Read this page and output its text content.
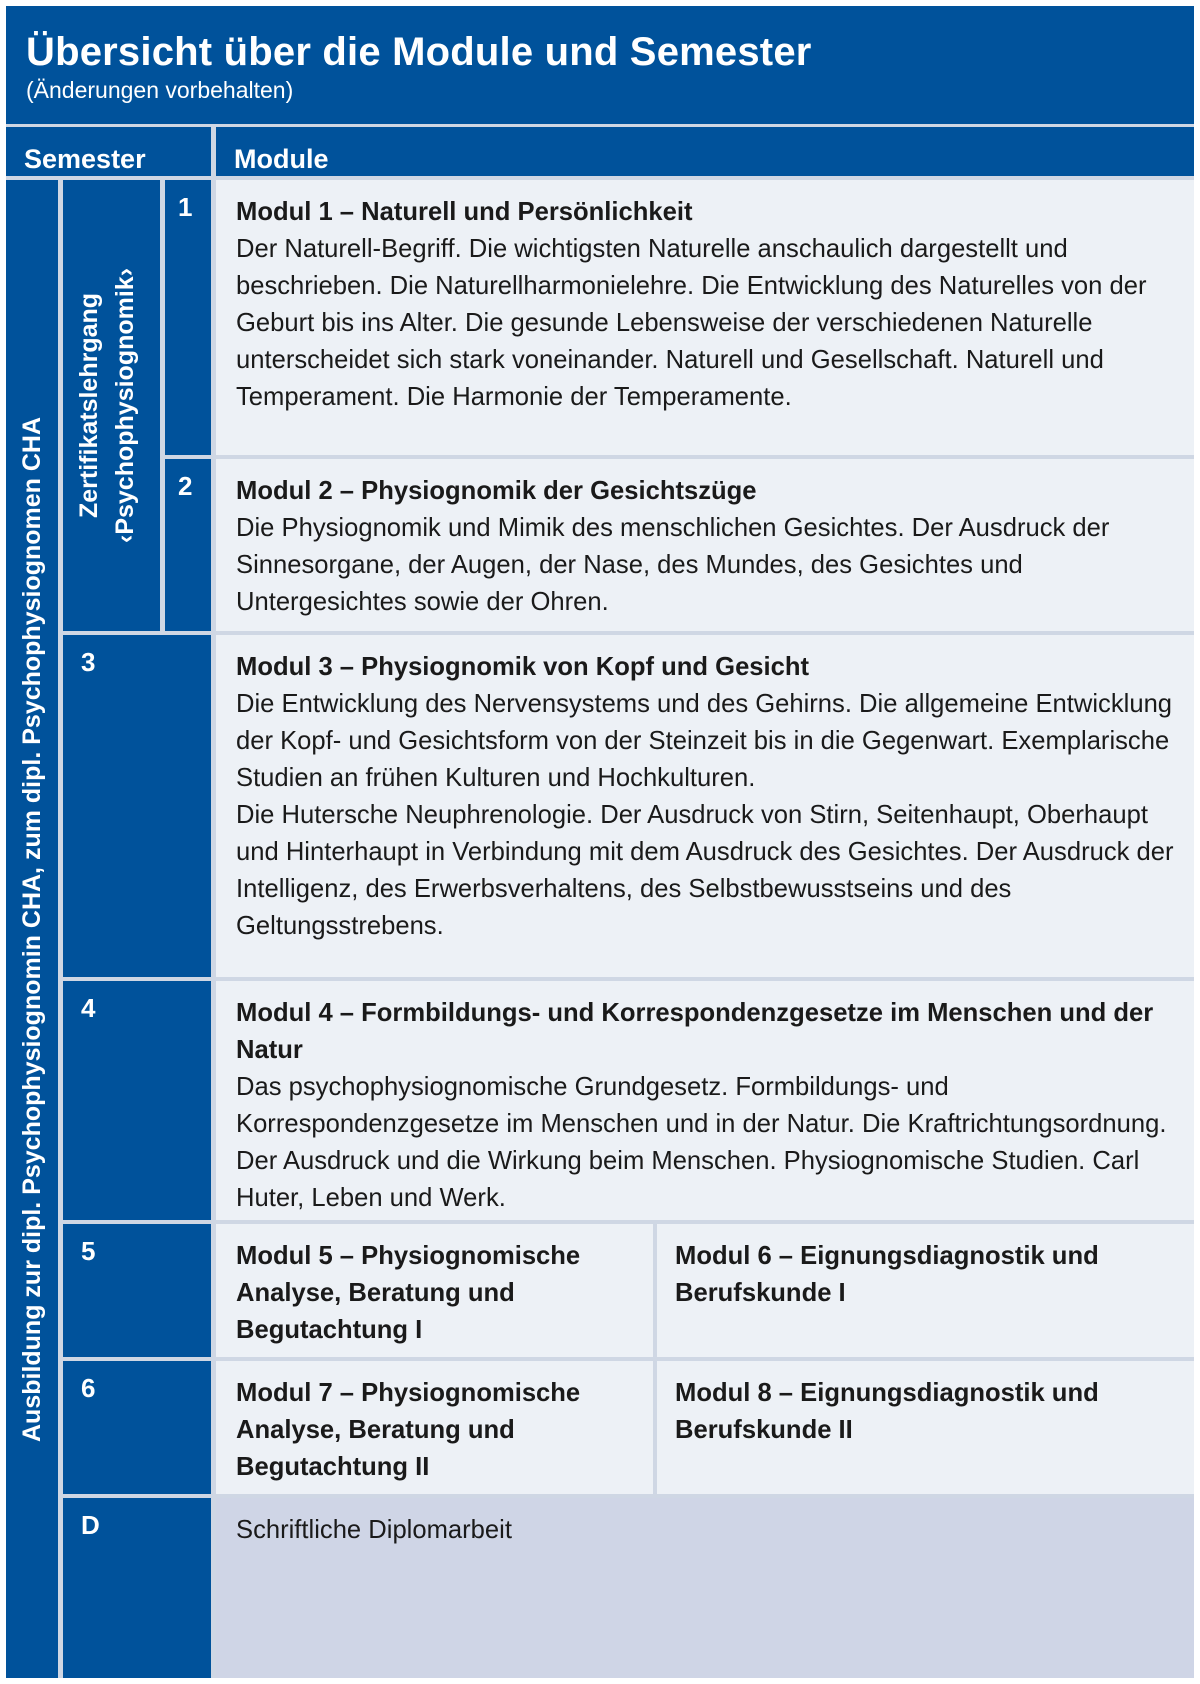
Übersicht über die Module und Semester
(Änderungen vorbehalten)
Semester	Module
Ausbildung zur dipl. Psychophysiognomin CHA, zum dipl. Psychophysiognomen CHA
Zertifikatslehrgang ‹Psychophysiognomik›
1
2
3
4
5
6
D
Modul 1 – Naturell und Persönlichkeit

Der Naturell-Begriff. Die wichtigsten Naturelle anschaulich dargestellt und beschrieben. Die Naturellharmonielehre. Die Entwicklung des Naturelles von der Geburt bis ins Alter. Die gesunde Lebensweise der verschiedenen Naturelle unterscheidet sich stark voneinander. Naturell und Gesellschaft. Naturell und Temperament. Die Harmonie der Temperamente.

Modul 2 – Physiognomik der Gesichtszüge

Die Physiognomik und Mimik des menschlichen Gesichtes. Der Ausdruck der Sinnesorgane, der Augen, der Nase, des Mundes, des Gesichtes und Untergesichtes sowie der Ohren.

Modul 3 – Physiognomik von Kopf und Gesicht

Die Entwicklung des Nervensystems und des Gehirns. Die allgemeine Entwicklung der Kopf- und Gesichtsform von der Steinzeit bis in die Gegenwart. Exemplarische Studien an frühen Kulturen und Hochkulturen.

Die Hutersche Neuphrenologie. Der Ausdruck von Stirn, Seitenhaupt, Oberhaupt und Hinterhaupt in Verbindung mit dem Ausdruck des Gesichtes. Der Ausdruck der Intelligenz, des Erwerbsverhaltens, des Selbstbewusstseins und des Geltungsstrebens.

Modul 4 – Formbildungs- und Korrespondenzgesetze im Menschen und der Natur

Das psychophysiognomische Grundgesetz. Formbildungs- und Korrespondenzgesetze im Menschen und in der Natur. Die Kraftrichtungsordnung. Der Ausdruck und die Wirkung beim Menschen. Physiognomische Studien. Carl Huter, Leben und Werk.

Modul 5 – Physiognomische Analyse, Beratung und Begutachtung I
Modul 6 – Eignungsdiagnostik und Berufskunde I
Modul 7 – Physiognomische Analyse, Beratung und Begutachtung II
Modul 8 – Eignungsdiagnostik und Berufskunde II
Schriftliche Diplomarbeit
